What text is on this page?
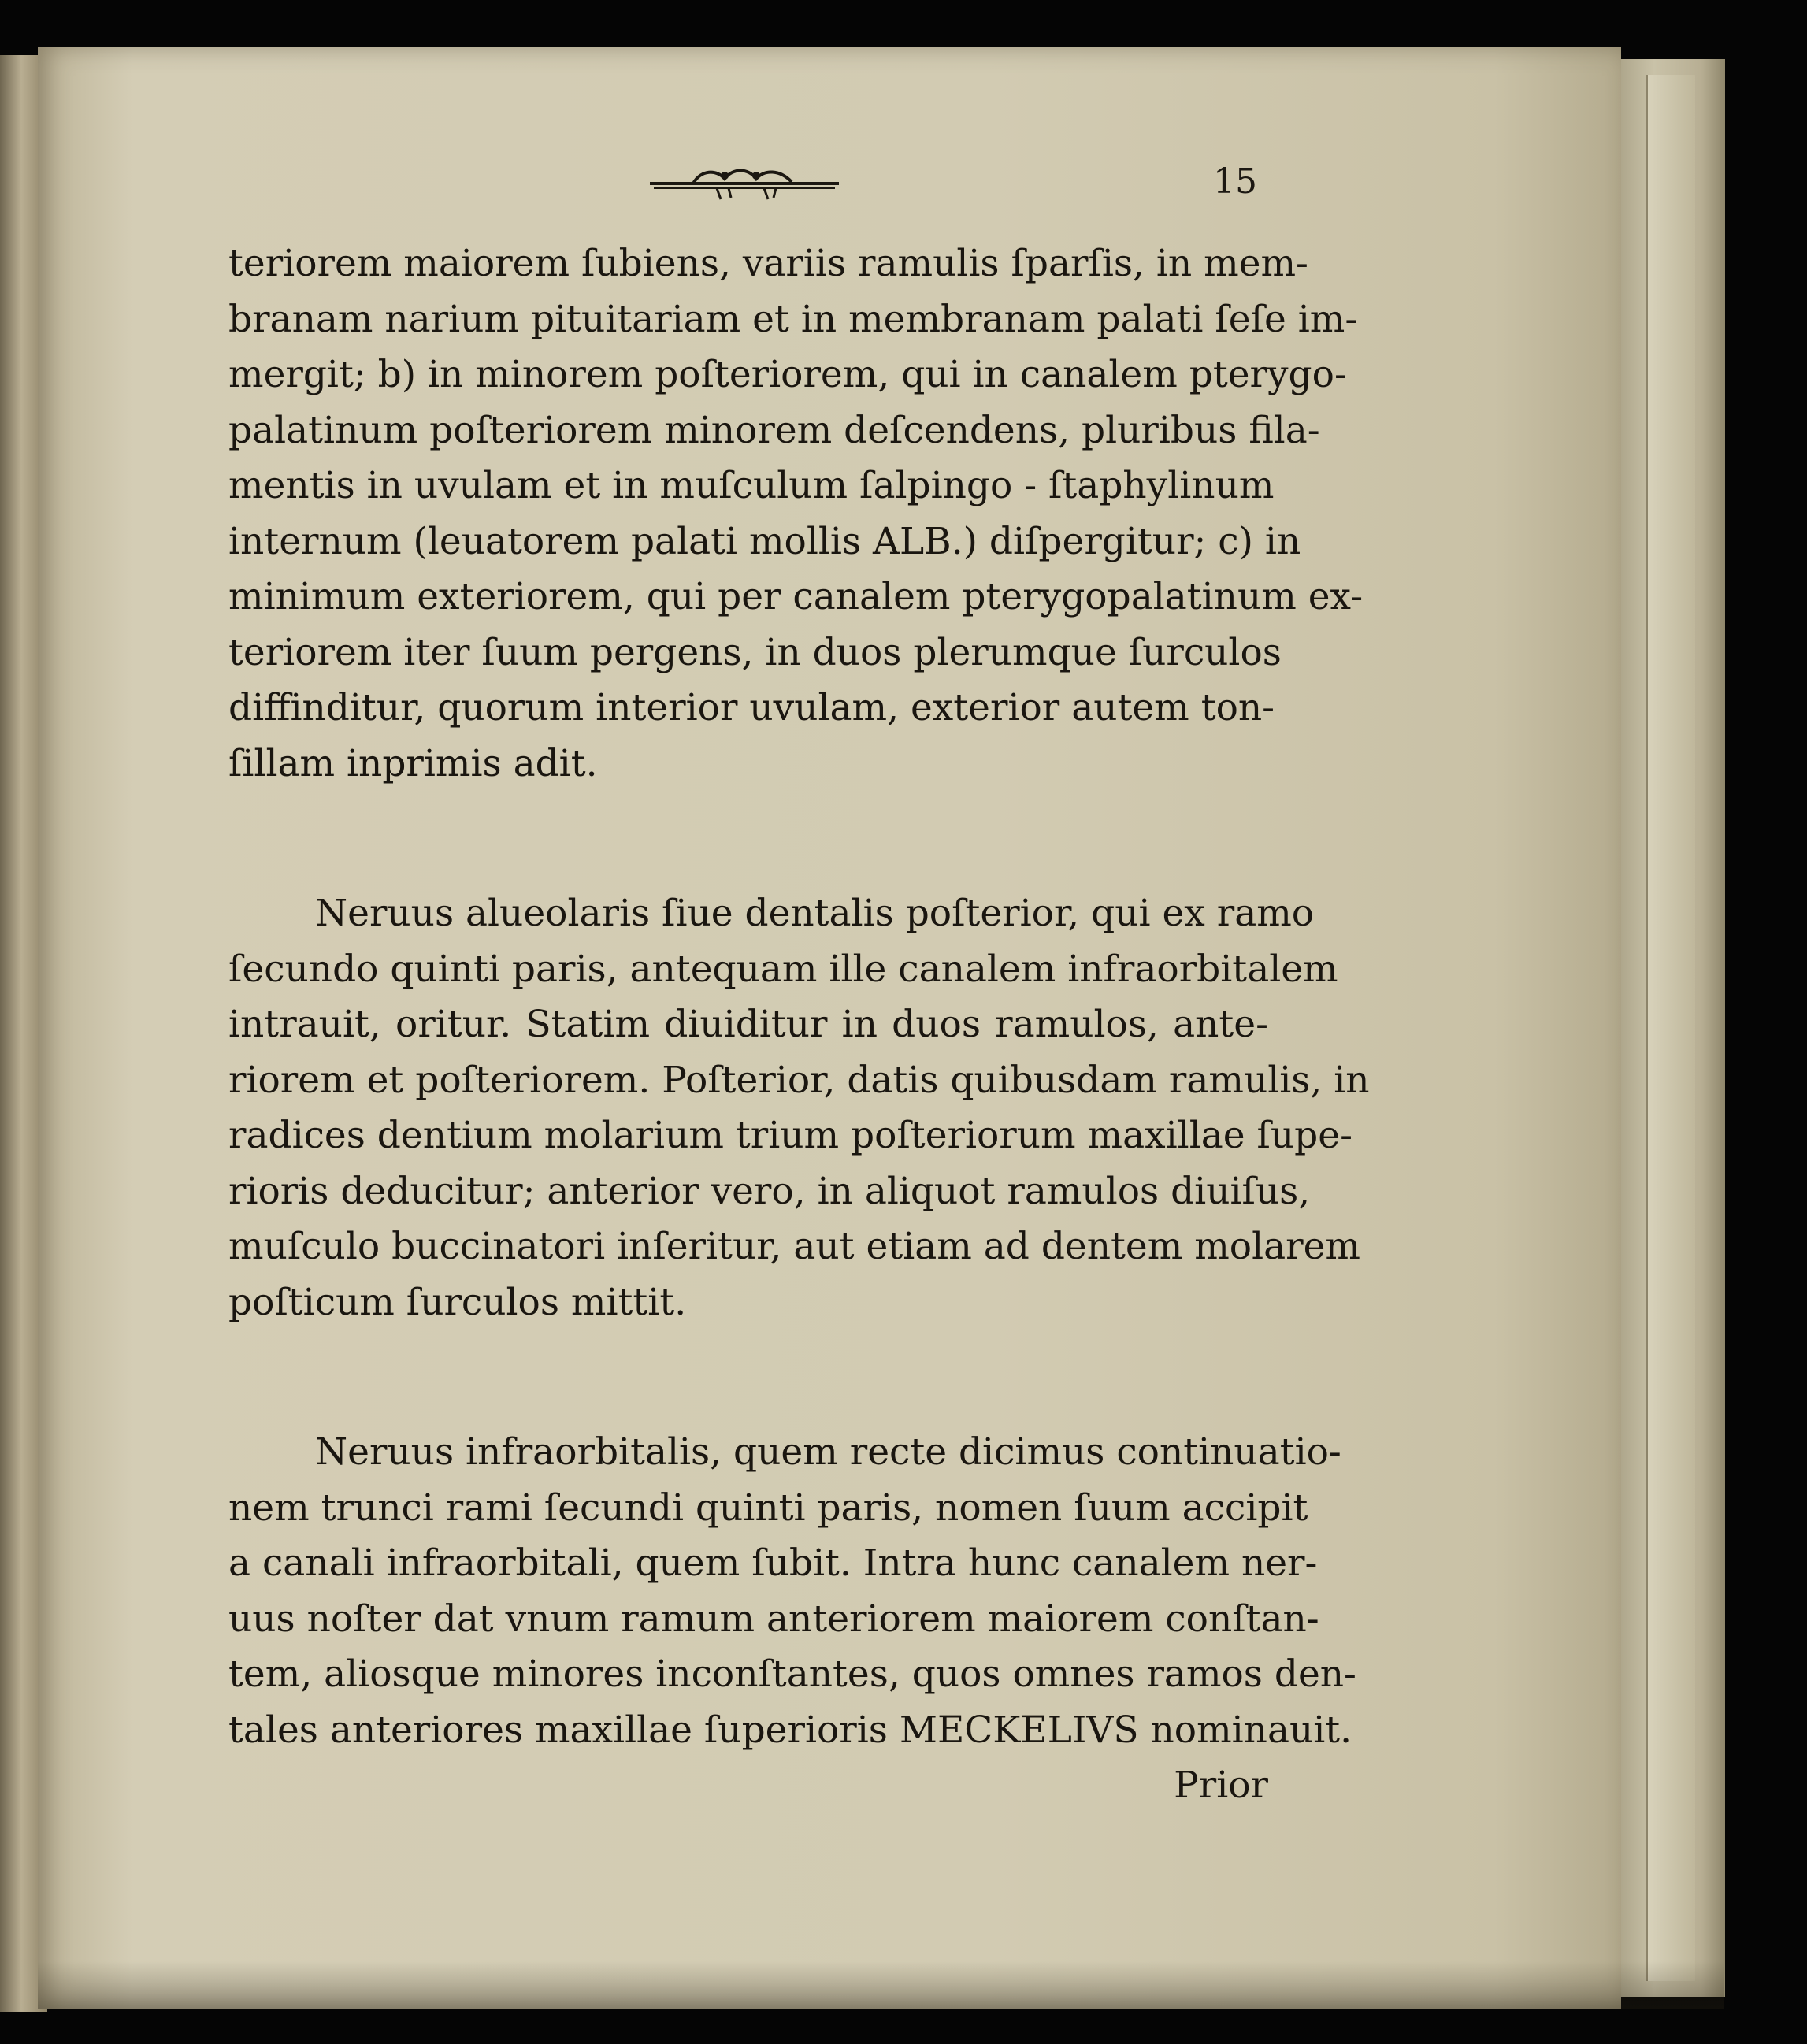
15
teriorem maiorem ſubiens, variis ramulis ſparſis, in mem-
branam narium pituitariam et in membranam palati ſeſe im-
mergit; b) in minorem poſteriorem, qui in canalem pterygo-
palatinum poſteriorem minorem deſcendens, pluribus fila-
mentis in uvulam et in muſculum ſalpingo - ſtaphylinum
internum (leuatorem palati mollis ALB.) diſpergitur; c) in
minimum exteriorem, qui per canalem pterygopalatinum ex-
teriorem iter ſuum pergens, in duos plerumque ſurculos
diffinditur, quorum interior uvulam, exterior autem ton-
ſillam inprimis adit.
Neruus alueolaris ſiue dentalis poſterior, qui ex ramo
ſecundo quinti paris, antequam ille canalem infraorbitalem
intrauit, oritur. Statim diuiditur in duos ramulos, ante-
riorem et poſteriorem. Poſterior, datis quibusdam ramulis, in
radices dentium molarium trium poſteriorum maxillae ſupe-
rioris deducitur; anterior vero, in aliquot ramulos diuiſus,
muſculo buccinatori inſeritur, aut etiam ad dentem molarem
poſticum ſurculos mittit.
Neruus infraorbitalis, quem recte dicimus continuatio-
nem trunci rami ſecundi quinti paris, nomen ſuum accipit
a canali infraorbitali, quem ſubit. Intra hunc canalem ner-
uus noſter dat vnum ramum anteriorem maiorem conſtan-
tem, aliosque minores inconſtantes, quos omnes ramos den-
tales anteriores maxillae ſuperioris MECKELIVS nominauit.
Prior
